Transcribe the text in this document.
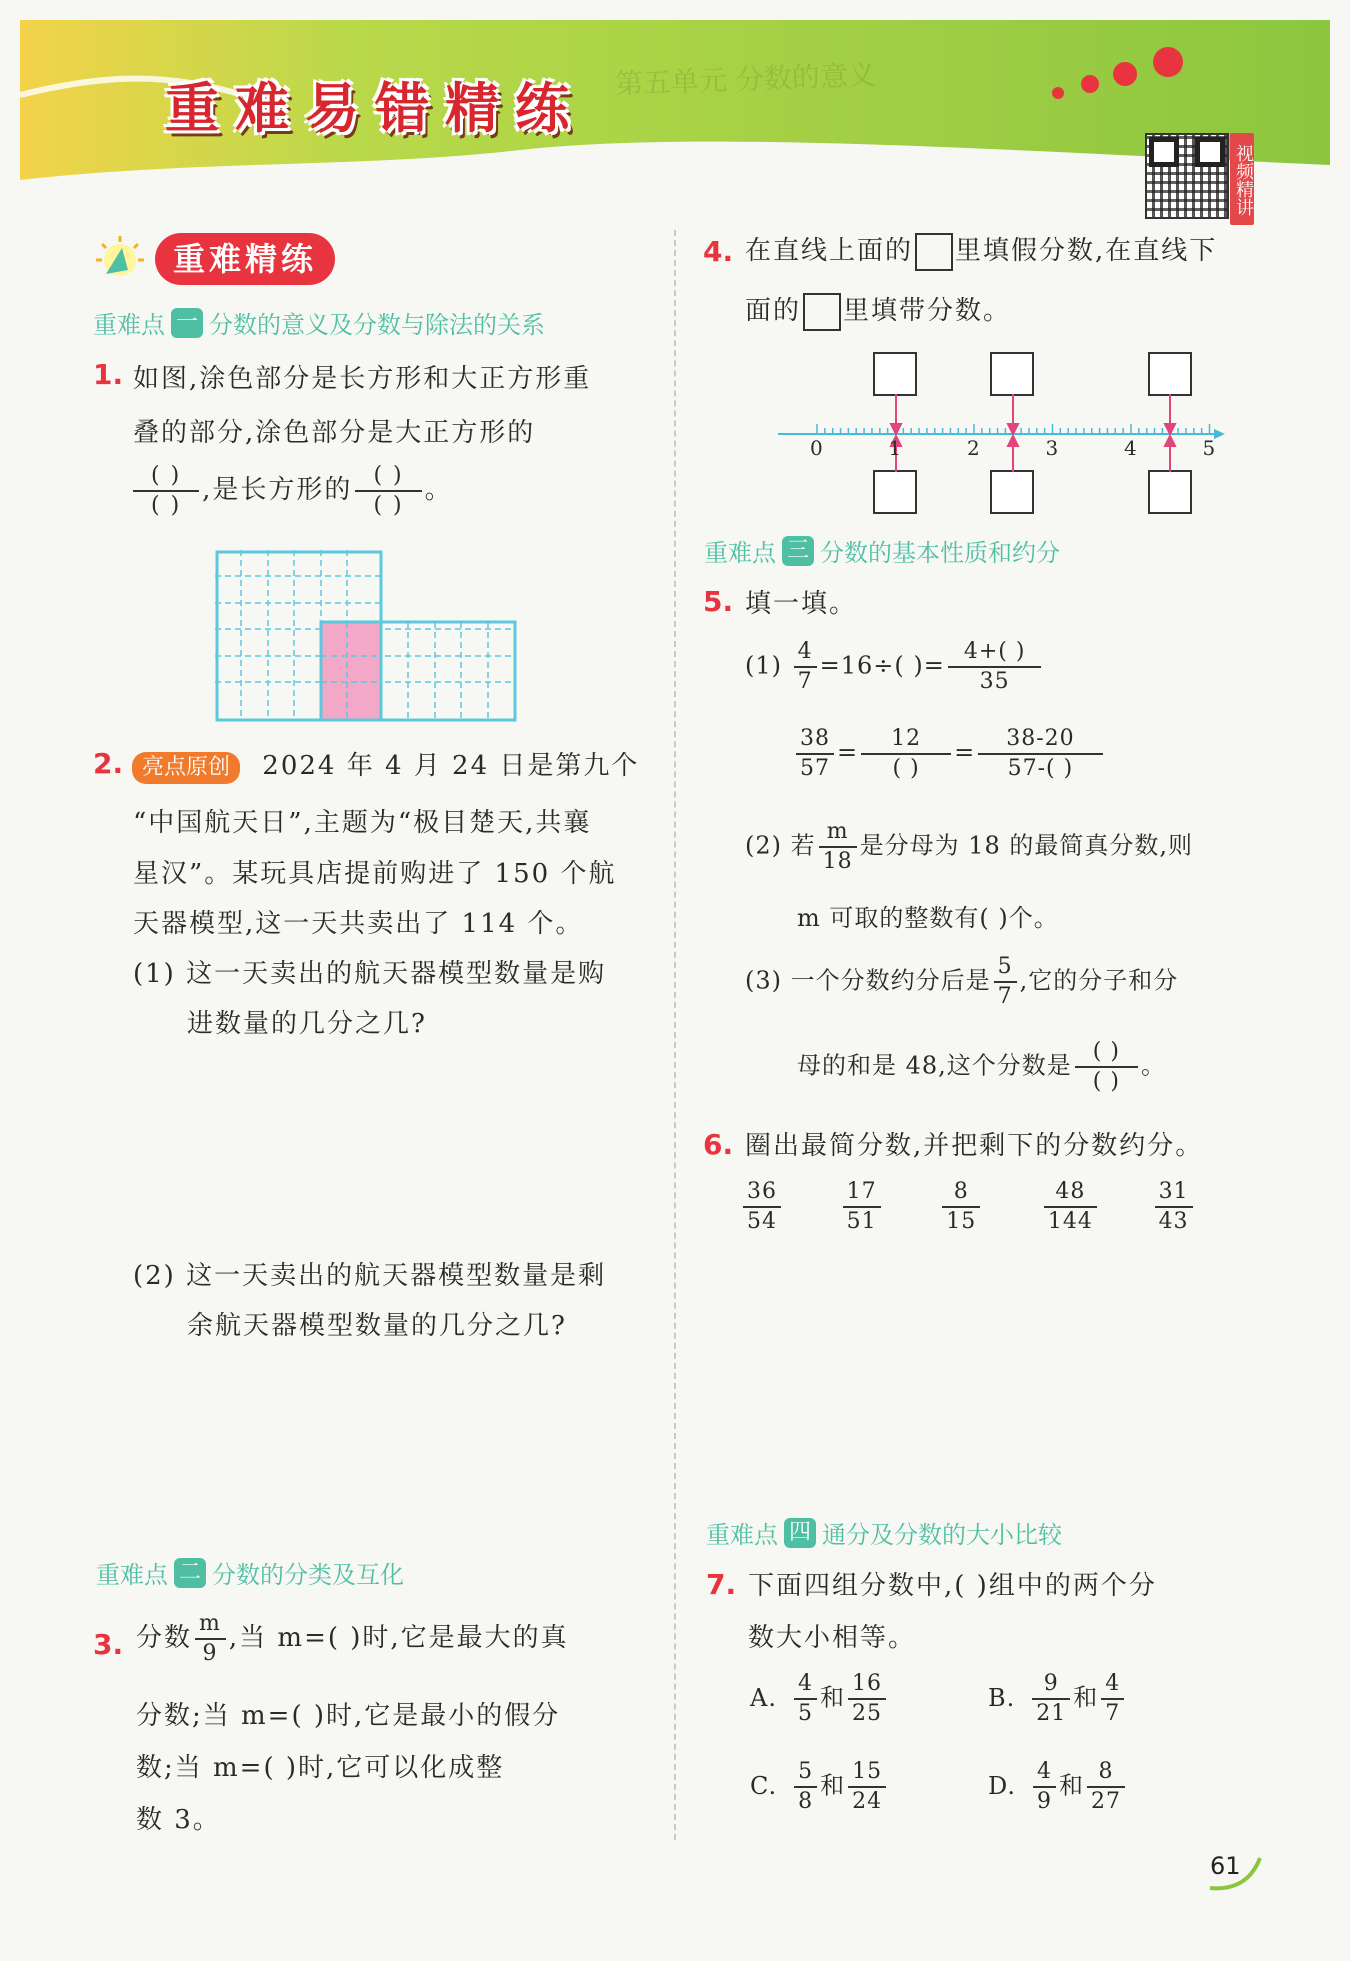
第五单元 分数的意义
重难易错精练
视频精讲
重难精练
重难点 一 分数的意义及分数与除法的关系
1. 如图,涂色部分是长方形和大正方形重
叠的部分,涂色部分是大正方形的
$\frac{( )}{( )}$ ,是长方形的 $\frac{( )}{( )}$ 。
2. 亮点原创 2024 年 4 月 24 日是第九个
“中国航天日”,主题为“极目楚天,共襄
星汉”。某玩具店提前购进了 150 个航
天器模型,这一天共卖出了 114 个。
(1) 这一天卖出的航天器模型数量是购
进数量的几分之几?
(2) 这一天卖出的航天器模型数量是剩
余航天器模型数量的几分之几?
重难点 二 分数的分类及互化
3. 分数 $\frac{m}{9}$ ,当 m=( )时,它是最大的真
分数;当 m=( )时,它是最小的假分
数;当 m=( )时,它可以化成整
数 3。
4. 在直线上面的 里填假分数,在直线下
面的 里填带分数。
0	1	2	3	4	5
重难点 三 分数的基本性质和约分
5. 填一填。
$(1) \frac{4}{7} =16\div$( )= $\frac{4+( )}{35}$
$\frac{38}{57} = \frac{12}{( )} = \frac{38-20}{57-( )}$
(2) 若 $\frac{m}{18}$ 是分母为 18 的最简真分数,则
m 可取的整数有( )个。
(3) 一个分数约分后是 $\frac{5}{7}$ ,它的分子和分
母的和是 48,这个分数是 $\frac{( )}{( )}$ 。
6. 圈出最简分数,并把剩下的分数约分。
$\frac{36}{54}$
	$\frac{17}{51}$
	$\frac{8}{15}$
	$\frac{48}{144}$
	$\frac{31}{43}$
重难点 四 通分及分数的大小比较
7. 下面四组分数中,( )组中的两个分
数大小相等。
A. $\frac{4}{5}$ 和 $\frac{16}{25}$	B. $\frac{9}{21}$ 和 $\frac{4}{7}$
C. $\frac{5}{8}$ 和 $\frac{15}{24}$	D. $\frac{4}{9}$ 和 $\frac{8}{27}$
61
